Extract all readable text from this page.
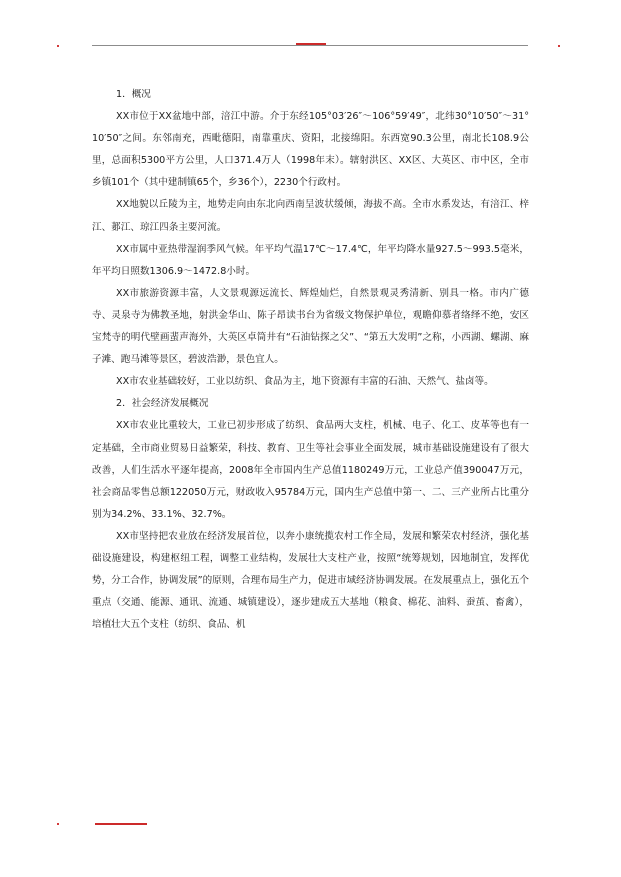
1．概况

XX市位于XX盆地中部，涪江中游。介于东经105°03′26″～106°59′49″，北纬30°10′50″～31°10′50″之间。东邻南充，西毗德阳，南靠重庆、资阳，北接绵阳。东西宽90.3公里，南北长108.9公里，总面积5300平方公里，人口371.4万人（1998年末）。辖射洪区、XX区、大英区、市中区，全市乡镇101个（其中建制镇65个，乡36个），2230个行政村。

XX地貌以丘陵为主，地势走向由东北向西南呈波状缓倾，海拔不高。全市水系发达，有涪江、梓江、郪江、琼江四条主要河流。

XX市属中亚热带湿润季风气候。年平均气温17℃～17.4℃，年平均降水量927.5～993.5毫米，年平均日照数1306.9～1472.8小时。

XX市旅游资源丰富，人文景观源远流长、辉煌灿烂，自然景观灵秀清新、别具一格。市内广德寺、灵泉寺为佛教圣地，射洪金华山、陈子昂读书台为省级文物保护单位，观瞻仰慕者络绎不绝，安区宝梵寺的明代壁画蜚声海外，大英区卓筒井有“石油钻探之父”、“第五大发明”之称，小西湖、螺湖、麻子滩、跑马滩等景区，碧波浩渺，景色宜人。

XX市农业基础较好，工业以纺织、食品为主，地下资源有丰富的石油、天然气、盐卤等。

2．社会经济发展概况

XX市农业比重较大，工业已初步形成了纺织、食品两大支柱，机械、电子、化工、皮革等也有一定基础，全市商业贸易日益繁荣，科技、教育、卫生等社会事业全面发展，城市基础设施建设有了很大改善，人们生活水平逐年提高，2008年全市国内生产总值1180249万元，工业总产值390047万元，社会商品零售总额122050万元，财政收入95784万元，国内生产总值中第一、二、三产业所占比重分别为34.2%、33.1%、32.7%。

XX市坚持把农业放在经济发展首位，以奔小康统揽农村工作全局，发展和繁荣农村经济，强化基础设施建设，构建枢纽工程，调整工业结构，发展壮大支柱产业，按照“统筹规划，因地制宜，发挥优势，分工合作，协调发展”的原则，合理布局生产力，促进市域经济协调发展。在发展重点上，强化五个重点（交通、能源、通讯、流通、城镇建设），逐步建成五大基地（粮食、棉花、油料、蚕茧、畜禽），培植壮大五个支柱（纺织、食品、机
